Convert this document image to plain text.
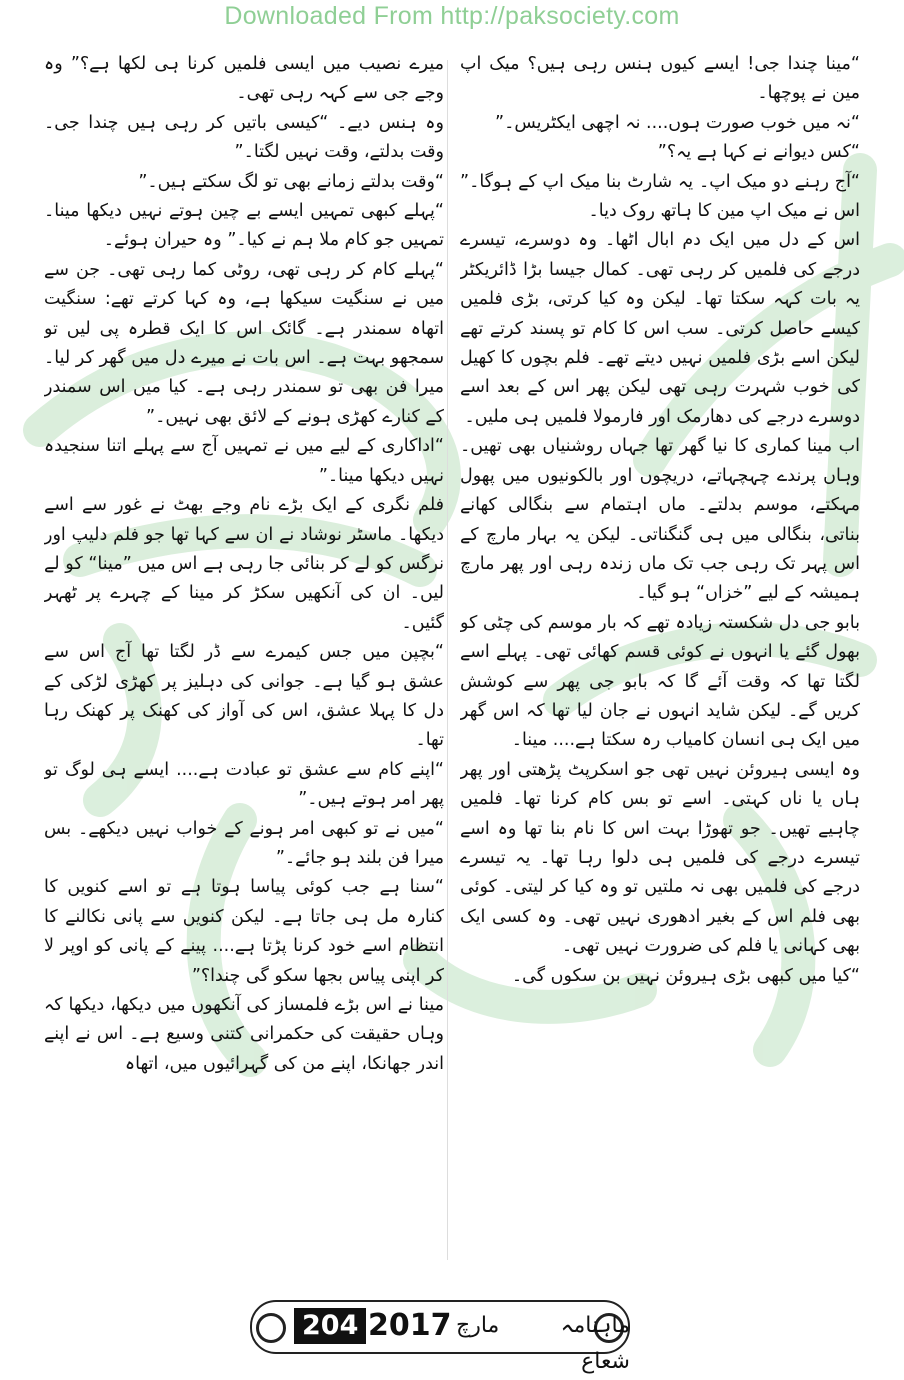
Downloaded From http://paksociety.com

“مینا چندا جی! ایسے کیوں ہنس رہی ہیں؟ میک اپ مین نے پوچھا۔

“نہ میں خوب صورت ہوں.... نہ اچھی ایکٹریس۔”

“کس دیوانے نے کہا ہے یہ؟”

“آج رہنے دو میک اپ۔ یہ شارٹ بنا میک اپ کے ہوگا۔” اس نے میک اپ مین کا ہاتھ روک دیا۔

اس کے دل میں ایک دم ابال اٹھا۔ وہ دوسرے، تیسرے درجے کی فلمیں کر رہی تھی۔ کمال جیسا بڑا ڈائریکٹر یہ بات کہہ سکتا تھا۔ لیکن وہ کیا کرتی، بڑی فلمیں کیسے حاصل کرتی۔ سب اس کا کام تو پسند کرتے تھے لیکن اسے بڑی فلمیں نہیں دیتے تھے۔ فلم بچوں کا کھیل کی خوب شہرت رہی تھی لیکن پھر اس کے بعد اسے دوسرے درجے کی دھارمک اور فارمولا فلمیں ہی ملیں۔

اب مینا کماری کا نیا گھر تھا جہاں روشنیاں بھی تھیں۔ وہاں پرندے چہچہاتے، دریچوں اور بالکونیوں میں پھول مہکتے، موسم بدلتے۔ ماں اہتمام سے بنگالی کھانے بناتی، بنگالی میں ہی گنگناتی۔ لیکن یہ بہار مارچ کے اس پہر تک رہی جب تک ماں زندہ رہی اور پھر مارچ ہمیشہ کے لیے ”خزاں“ ہو گیا۔

بابو جی دل شکستہ زیادہ تھے کہ بار موسم کی چٹی کو بھول گئے یا انہوں نے کوئی قسم کھائی تھی۔ پہلے اسے لگتا تھا کہ وقت آئے گا کہ بابو جی پھر سے کوشش کریں گے۔ لیکن شاید انہوں نے جان لیا تھا کہ اس گھر میں ایک ہی انسان کامیاب رہ سکتا ہے.... مینا۔

وہ ایسی ہیروئن نہیں تھی جو اسکرپٹ پڑھتی اور پھر ہاں یا ناں کہتی۔ اسے تو بس کام کرنا تھا۔ فلمیں چاہیے تھیں۔ جو تھوڑا بہت اس کا نام بنا تھا وہ اسے تیسرے درجے کی فلمیں ہی دلوا رہا تھا۔ یہ تیسرے درجے کی فلمیں بھی نہ ملتیں تو وہ کیا کر لیتی۔ کوئی بھی فلم اس کے بغیر ادھوری نہیں تھی۔ وہ کسی ایک بھی کہانی یا فلم کی ضرورت نہیں تھی۔

“کیا میں کبھی بڑی ہیروئن نہیں بن سکوں گی۔

میرے نصیب میں ایسی فلمیں کرنا ہی لکھا ہے؟” وہ وجے جی سے کہہ رہی تھی۔

وہ ہنس دیے۔ “کیسی باتیں کر رہی ہیں چندا جی۔ وقت بدلتے، وقت نہیں لگتا۔”

“وقت بدلتے زمانے بھی تو لگ سکتے ہیں۔”

“پہلے کبھی تمہیں ایسے بے چین ہوتے نہیں دیکھا مینا۔ تمہیں جو کام ملا ہم نے کیا۔” وہ حیران ہوئے۔

“پہلے کام کر رہی تھی، روٹی کما رہی تھی۔ جن سے میں نے سنگیت سیکھا ہے، وہ کہا کرتے تھے: سنگیت اتھاہ سمندر ہے۔ گائک اس کا ایک قطرہ پی لیں تو سمجھو بہت ہے۔ اس بات نے میرے دل میں گھر کر لیا۔ میرا فن بھی تو سمندر رہی ہے۔ کیا میں اس سمندر کے کنارے کھڑی ہونے کے لائق بھی نہیں۔”

“اداکاری کے لیے میں نے تمہیں آج سے پہلے اتنا سنجیدہ نہیں دیکھا مینا۔”

فلم نگری کے ایک بڑے نام وجے بھٹ نے غور سے اسے دیکھا۔ ماسٹر نوشاد نے ان سے کہا تھا جو فلم دلیپ اور نرگس کو لے کر بنائی جا رہی ہے اس میں ”مینا“ کو لے لیں۔ ان کی آنکھیں سکڑ کر مینا کے چہرے پر ٹھہر گئیں۔

“بچپن میں جس کیمرے سے ڈر لگتا تھا آج اس سے عشق ہو گیا ہے۔ جوانی کی دہلیز پر کھڑی لڑکی کے دل کا پہلا عشق، اس کی آواز کی کھنک پر کھنک رہا تھا۔

“اپنے کام سے عشق تو عبادت ہے.... ایسے ہی لوگ تو پھر امر ہوتے ہیں۔”

“میں نے تو کبھی امر ہونے کے خواب نہیں دیکھے۔ بس میرا فن بلند ہو جائے۔”

“سنا ہے جب کوئی پیاسا ہوتا ہے تو اسے کنویں کا کنارہ مل ہی جاتا ہے۔ لیکن کنویں سے پانی نکالنے کا انتظام اسے خود کرنا پڑتا ہے.... پینے کے پانی کو اوپر لا کر اپنی پیاس بجھا سکو گی چندا؟”

مینا نے اس بڑے فلمساز کی آنکھوں میں دیکھا، دیکھا کہ وہاں حقیقت کی حکمرانی کتنی وسیع ہے۔ اس نے اپنے اندر جھانکا، اپنے من کی گہرائیوں میں، اتھاہ

204 2017 مارچ	ماہنامہ شعاع
